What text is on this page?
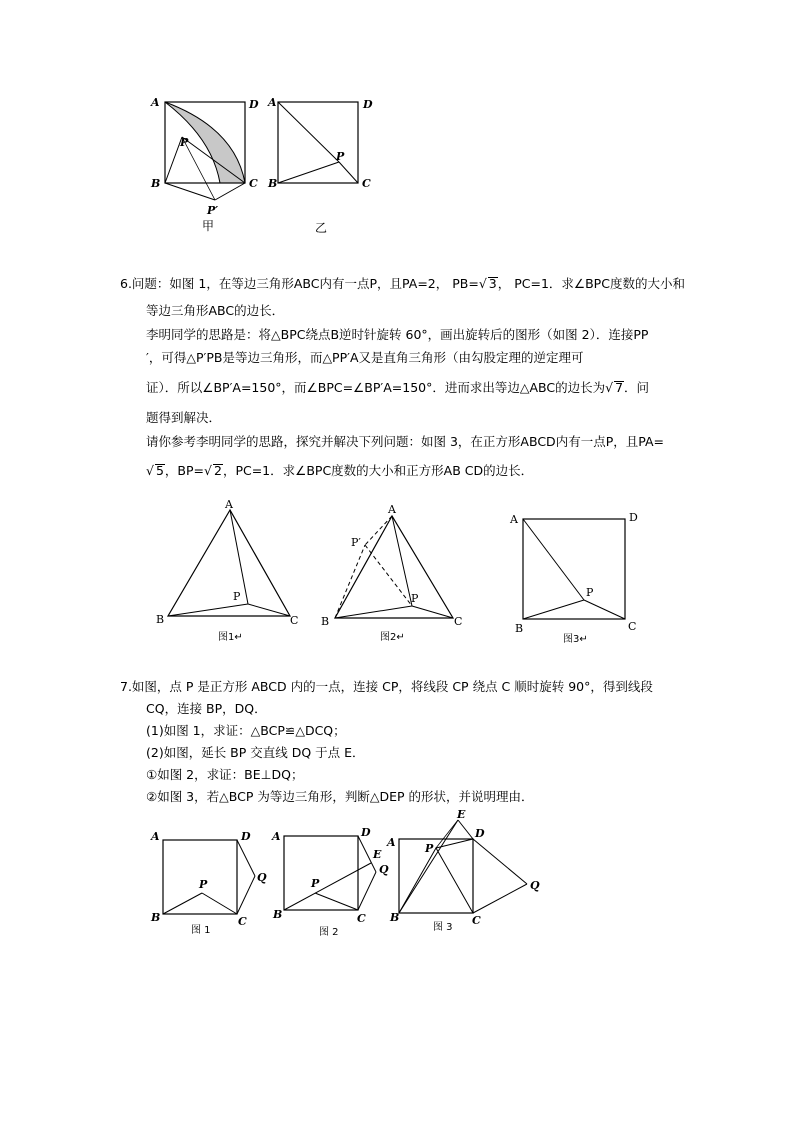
A	D
B	C
P
P′
甲
A	D
B	C
P
乙
6.问题：如图 1，在等边三角形ABC内有一点P，且PA=2， PB=√ 3， PC=1．求∠BPC度数的大小和
等边三角形ABC的边长．
李明同学的思路是：将△BPC绕点B逆时针旋转 60°，画出旋转后的图形（如图 2）．连接PP
′，可得△P′PB是等边三角形，而△PP′A又是直角三角形（由勾股定理的逆定理可
证）．所以∠BP′A=150°，而∠BPC=∠BP′A=150°．进而求出等边△ABC的边长为√ 7．问
题得到解决．
请你参考李明同学的思路，探究并解决下列问题：如图 3，在正方形ABCD内有一点P，且PA=
√ 5，BP=√ 2，PC=1．求∠BPC度数的大小和正方形AB CD的边长．
A
B	C
P
图1↵
A
B	C
P
P′
图2↵
A	D
B	C
P
图3↵
7.如图，点 P 是正方形 ABCD 内的一点，连接 CP，将线段 CP 绕点 C 顺时旋转 90°，得到线段
CQ，连接 BP，DQ．
(1)如图 1，求证：△BCP≌△DCQ；
(2)如图，延长 BP 交直线 DQ 于点 E．
①如图 2，求证：BE⊥DQ；
②如图 3，若△BCP 为等边三角形，判断△DEP 的形状，并说明理由．
A	D
B	C
P
Q
图 1
A	D
B	C
P
Q
E
图 2
A
D
B	C
P
Q
E
图 3
